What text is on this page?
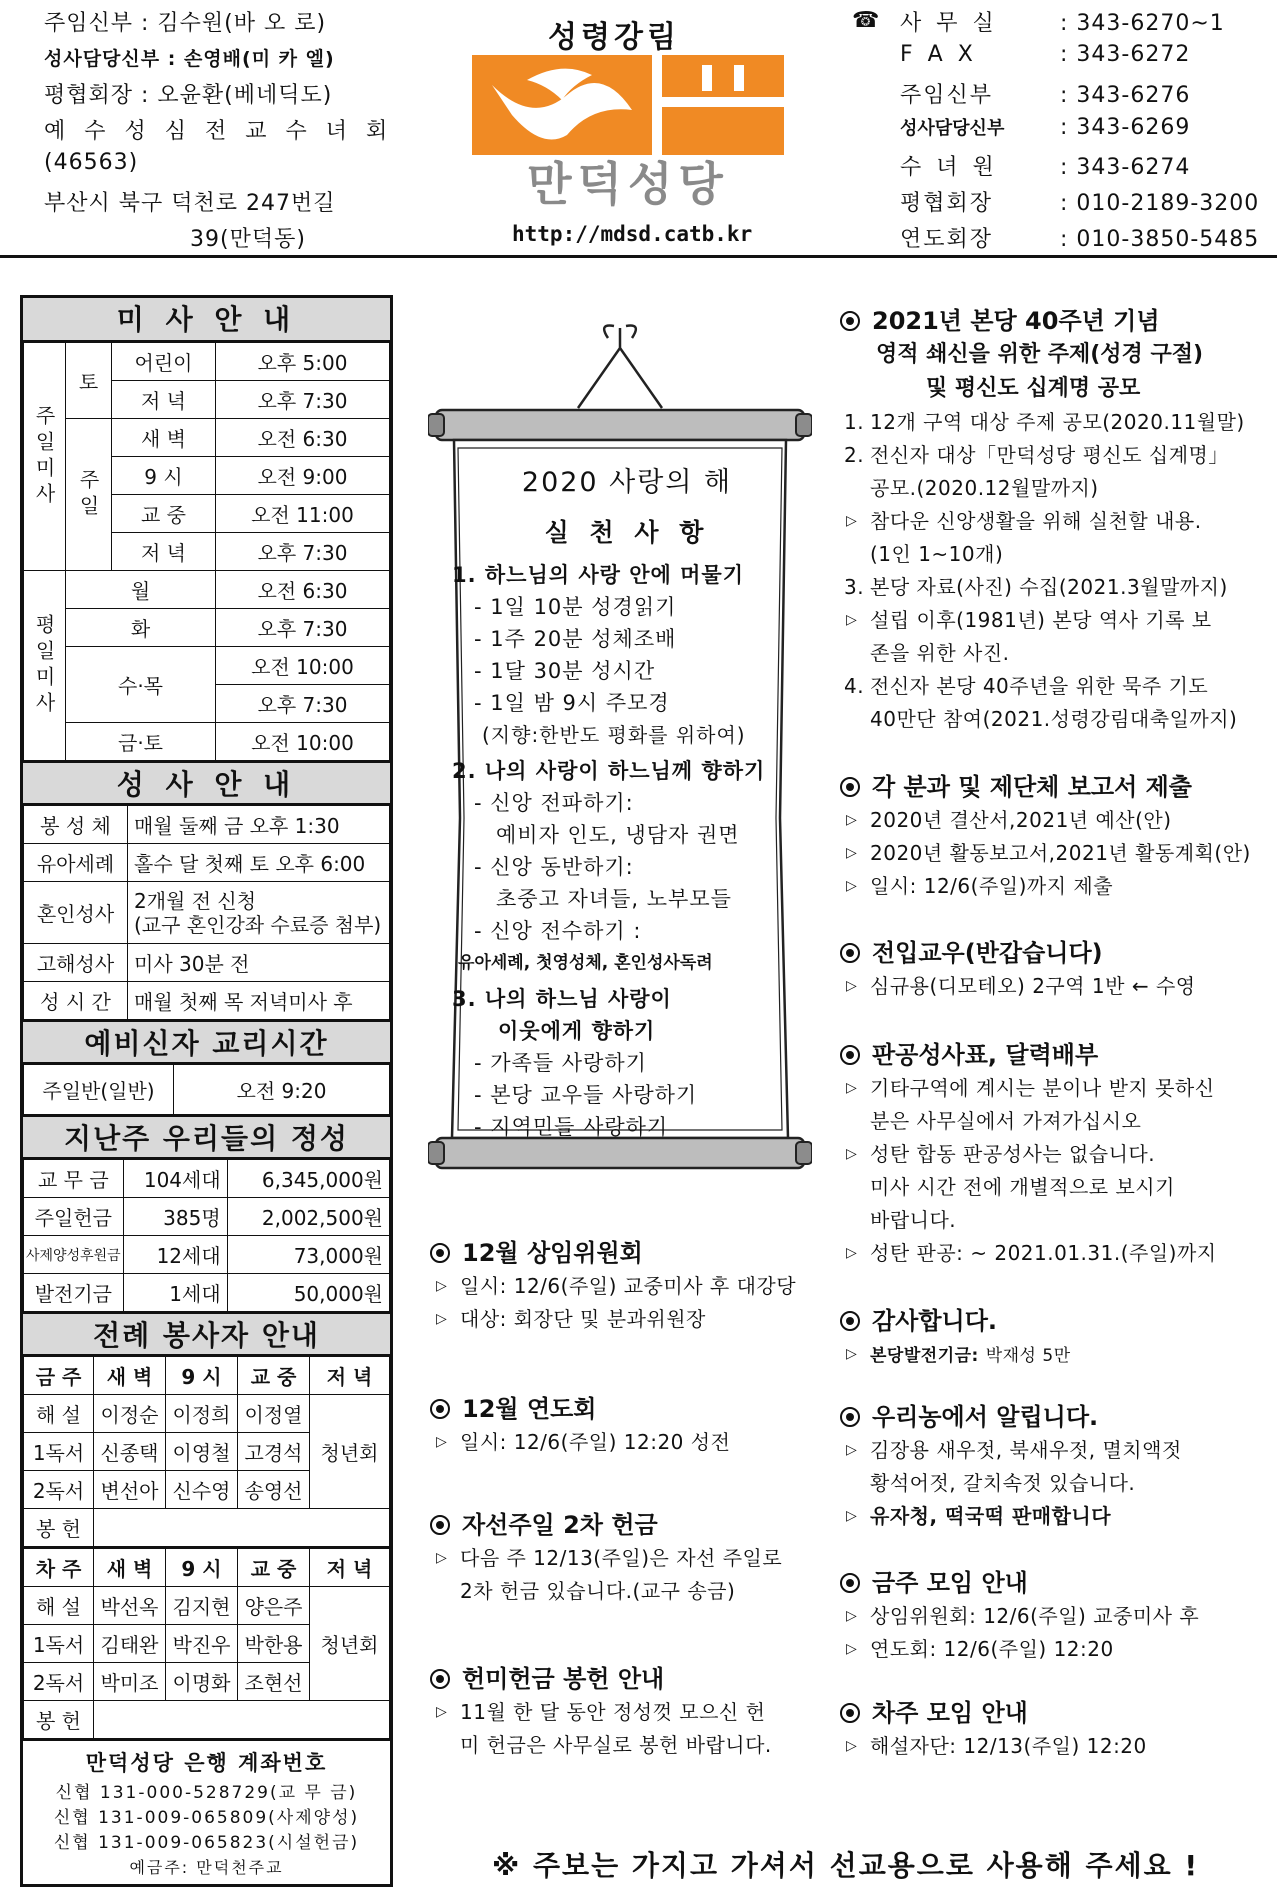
주임신부 : 김수원(바 오 로)
성사담당신부 : 손영배(미 카 엘)
평협회장 : 오윤환(베네딕도)
예 수 성 심 전 교 수 녀 회
(46563)
부산시 북구 덕천로 247번길
39(만덕동)
성령강림
만덕성당
http://mdsd.catb.kr
☎ 사 무 실	: 343-6270~1
F A X	: 343-6272
주임신부	: 343-6276
성사담당신부	: 343-6269
수 녀 원	: 343-6274
평협회장	: 010-2189-3200
연도회장	: 010-3850-5485
미 사 안 내
주일미사	토	어린이	오후 5:00
		저 녁	오후 7:30
	주일	새 벽	오전 6:30
		9 시	오전 9:00
		교 중	오전 11:00
		저 녁	오후 7:30
평일미사	월		오전 6:30
	화		오후 7:30
	수·목		오전 10:00
			오후 7:30
	금·토		오전 10:00
성 사 안 내
봉 성 체	매월 둘째 금 오후 1:30
유아세례	홀수 달 첫째 토 오후 6:00
혼인성사	2개월 전 신청
(교구 혼인강좌 수료증 첨부)

고해성사	미사 30분 전
성 시 간	매월 첫째 목 저녁미사 후
예비신자 교리시간
주일반(일반)	오전 9:20
지난주 우리들의 정성
교 무 금	104세대	6,345,000원
주일헌금	385명	2,002,500원
사제양성후원금	12세대	73,000원
발전기금	1세대	50,000원
전례 봉사자 안내
금 주	새 벽	9 시	교 중	저 녁
해 설	이정순	이정희	이정열	청년회
1독서	신종택	이영철	고경석	
2독서	변선아	신수영	송영선	
봉 헌				
차 주	새 벽	9 시	교 중	저 녁
해 설	박선옥	김지현	양은주	청년회
1독서	김태완	박진우	박한용	
2독서	박미조	이명화	조현선	
봉 헌				
만덕성당 은행 계좌번호
신협 131-000-528729(교 무 금)
신협 131-009-065809(사제양성)
신협 131-009-065823(시설헌금)
예금주: 만덕천주교
2020 사랑의 해
실 천 사 항
1. 하느님의 사랑 안에 머물기
- 1일 10분 성경읽기
- 1주 20분 성체조배
- 1달 30분 성시간
- 1일 밤 9시 주모경
(지향:한반도 평화를 위하여)
2. 나의 사랑이 하느님께 향하기
- 신앙 전파하기:
예비자 인도, 냉담자 권면
- 신앙 동반하기:
초중고 자녀들, 노부모들
- 신앙 전수하기 :
유아세례, 첫영성체, 혼인성사독려
3. 나의 하느님 사랑이
이웃에게 향하기
- 가족들 사랑하기
- 본당 교우들 사랑하기
- 지역민들 사랑하기
12월 상임위원회
▷ 일시: 12/6(주일) 교중미사 후 대강당
▷ 대상: 회장단 및 분과위원장
12월 연도회
▷ 일시: 12/6(주일) 12:20 성전
자선주일 2차 헌금
▷ 다음 주 12/13(주일)은 자선 주일로
2차 헌금 있습니다.(교구 송금)
헌미헌금 봉헌 안내
▷ 11월 한 달 동안 정성껏 모으신 헌
미 헌금은 사무실로 봉헌 바랍니다.
2021년 본당 40주년 기념
영적 쇄신을 위한 주제(성경 구절)
및 평신도 십계명 공모
1. 12개 구역 대상 주제 공모(2020.11월말)
2. 전신자 대상「만덕성당 평신도 십계명」
공모.(2020.12월말까지)
▷ 참다운 신앙생활을 위해 실천할 내용.
(1인 1~10개)
3. 본당 자료(사진) 수집(2021.3월말까지)
▷ 설립 이후(1981년) 본당 역사 기록 보
존을 위한 사진.
4. 전신자 본당 40주년을 위한 묵주 기도
40만단 참여(2021.성령강림대축일까지)
각 분과 및 제단체 보고서 제출
▷ 2020년 결산서,2021년 예산(안)
▷ 2020년 활동보고서,2021년 활동계획(안)
▷ 일시: 12/6(주일)까지 제출
전입교우(반갑습니다)
▷ 심규용(디모테오) 2구역 1반 ← 수영
판공성사표, 달력배부
▷ 기타구역에 계시는 분이나 받지 못하신
분은 사무실에서 가져가십시오
▷ 성탄 합동 판공성사는 없습니다.
미사 시간 전에 개별적으로 보시기
바랍니다.
▷ 성탄 판공: ~ 2021.01.31.(주일)까지
감사합니다.
▷ 본당발전기금: 박재성 5만
우리농에서 알립니다.
▷ 김장용 새우젓, 북새우젓, 멸치액젓
황석어젓, 갈치속젓 있습니다.
▷ 유자청, 떡국떡 판매합니다
금주 모임 안내
▷ 상임위원회: 12/6(주일) 교중미사 후
▷ 연도회: 12/6(주일) 12:20
차주 모임 안내
▷ 해설자단: 12/13(주일) 12:20
※ 주보는 가지고 가셔서 선교용으로 사용해 주세요 !
